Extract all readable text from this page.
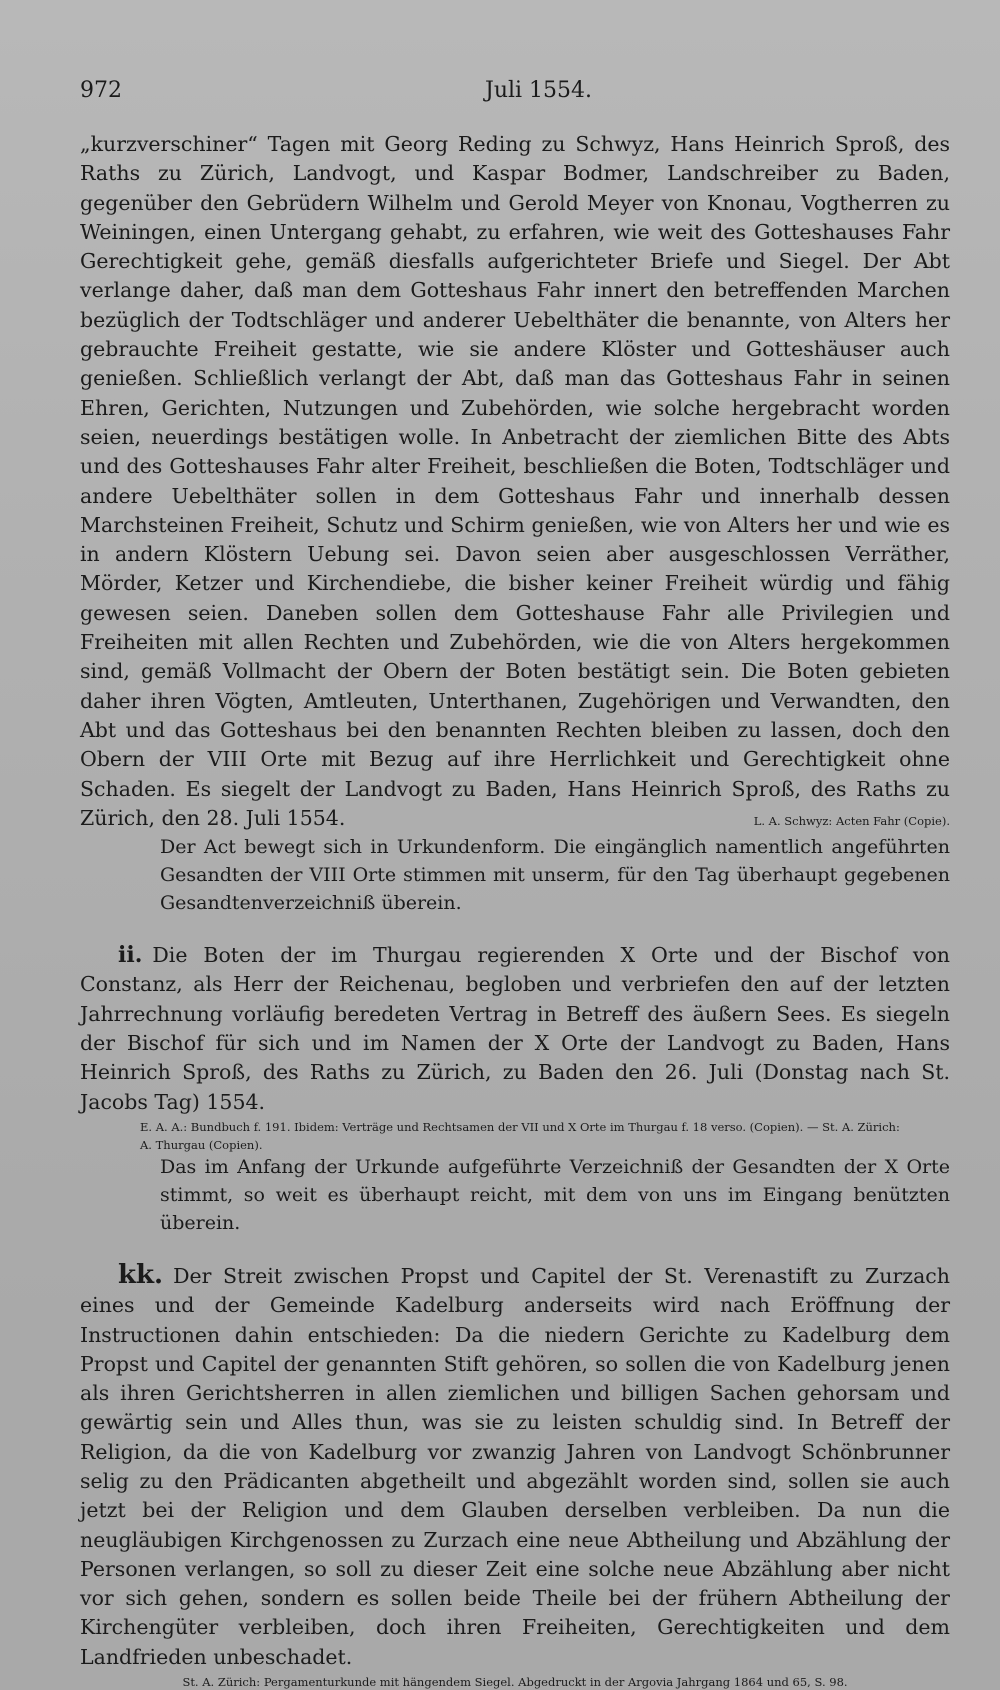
972	Juli 1554.

„kurzverschiner“ Tagen mit Georg Reding zu Schwyz, Hans Heinrich Sproß, des Raths zu Zürich, Landvogt, und Kaspar Bodmer, Landschreiber zu Baden, gegenüber den Gebrüdern Wilhelm und Gerold Meyer von Knonau, Vogtherren zu Weiningen, einen Untergang gehabt, zu erfahren, wie weit des Gotteshauses Fahr Gerechtigkeit gehe, gemäß diesfalls aufgerichteter Briefe und Siegel. Der Abt verlange daher, daß man dem Gotteshaus Fahr innert den betreffenden Marchen bezüglich der Todtschläger und anderer Uebelthäter die benannte, von Alters her gebrauchte Freiheit gestatte, wie sie andere Klöster und Gotteshäuser auch genießen. Schließlich verlangt der Abt, daß man das Gotteshaus Fahr in seinen Ehren, Gerichten, Nutzungen und Zubehörden, wie solche hergebracht worden seien, neuerdings bestätigen wolle. In Anbetracht der ziemlichen Bitte des Abts und des Gotteshauses Fahr alter Freiheit, beschließen die Boten, Todtschläger und andere Uebelthäter sollen in dem Gotteshaus Fahr und innerhalb dessen Marchsteinen Freiheit, Schutz und Schirm genießen, wie von Alters her und wie es in andern Klöstern Uebung sei. Davon seien aber ausgeschlossen Verräther, Mörder, Ketzer und Kirchendiebe, die bisher keiner Freiheit würdig und fähig gewesen seien. Daneben sollen dem Gotteshause Fahr alle Privilegien und Freiheiten mit allen Rechten und Zubehörden, wie die von Alters hergekommen sind, gemäß Vollmacht der Obern der Boten bestätigt sein. Die Boten gebieten daher ihren Vögten, Amtleuten, Unterthanen, Zugehörigen und Verwandten, den Abt und das Gotteshaus bei den benannten Rechten bleiben zu lassen, doch den Obern der VIII Orte mit Bezug auf ihre Herrlichkeit und Gerechtigkeit ohne Schaden. Es siegelt der Landvogt zu Baden, Hans Heinrich Sproß, des Raths zu Zürich, den 28. Juli 1554.	L. A. Schwyz: Acten Fahr (Copie).

Der Act bewegt sich in Urkundenform. Die eingänglich namentlich angeführten Gesandten der VIII Orte stimmen mit unserm, für den Tag überhaupt gegebenen Gesandtenverzeichniß überein.

ii. Die Boten der im Thurgau regierenden X Orte und der Bischof von Constanz, als Herr der Reichenau, begloben und verbriefen den auf der letzten Jahrrechnung vorläufig beredeten Vertrag in Betreff des äußern Sees. Es siegeln der Bischof für sich und im Namen der X Orte der Landvogt zu Baden, Hans Heinrich Sproß, des Raths zu Zürich, zu Baden den 26. Juli (Donstag nach St. Jacobs Tag) 1554.

E. A. A.: Bundbuch f. 191. Ibidem: Verträge und Rechtsamen der VII und X Orte im Thurgau f. 18 verso. (Copien). — St. A. Zürich:
A. Thurgau (Copien).

Das im Anfang der Urkunde aufgeführte Verzeichniß der Gesandten der X Orte stimmt, so weit es überhaupt reicht, mit dem von uns im Eingang benützten überein.

kk. Der Streit zwischen Propst und Capitel der St. Verenastift zu Zurzach eines und der Gemeinde Kadelburg anderseits wird nach Eröffnung der Instructionen dahin entschieden: Da die niedern Gerichte zu Kadelburg dem Propst und Capitel der genannten Stift gehören, so sollen die von Kadelburg jenen als ihren Gerichtsherren in allen ziemlichen und billigen Sachen gehorsam und gewärtig sein und Alles thun, was sie zu leisten schuldig sind. In Betreff der Religion, da die von Kadelburg vor zwanzig Jahren von Landvogt Schönbrunner selig zu den Prädicanten abgetheilt und abgezählt worden sind, sollen sie auch jetzt bei der Religion und dem Glauben derselben verbleiben. Da nun die neugläubigen Kirchgenossen zu Zurzach eine neue Abtheilung und Abzählung der Personen verlangen, so soll zu dieser Zeit eine solche neue Abzählung aber nicht vor sich gehen, sondern es sollen beide Theile bei der frühern Abtheilung der Kirchengüter verbleiben, doch ihren Freiheiten, Gerechtigkeiten und dem Landfrieden unbeschadet.

St. A. Zürich: Pergamenturkunde mit hängendem Siegel. Abgedruckt in der Argovia Jahrgang 1864 und 65, S. 98.
